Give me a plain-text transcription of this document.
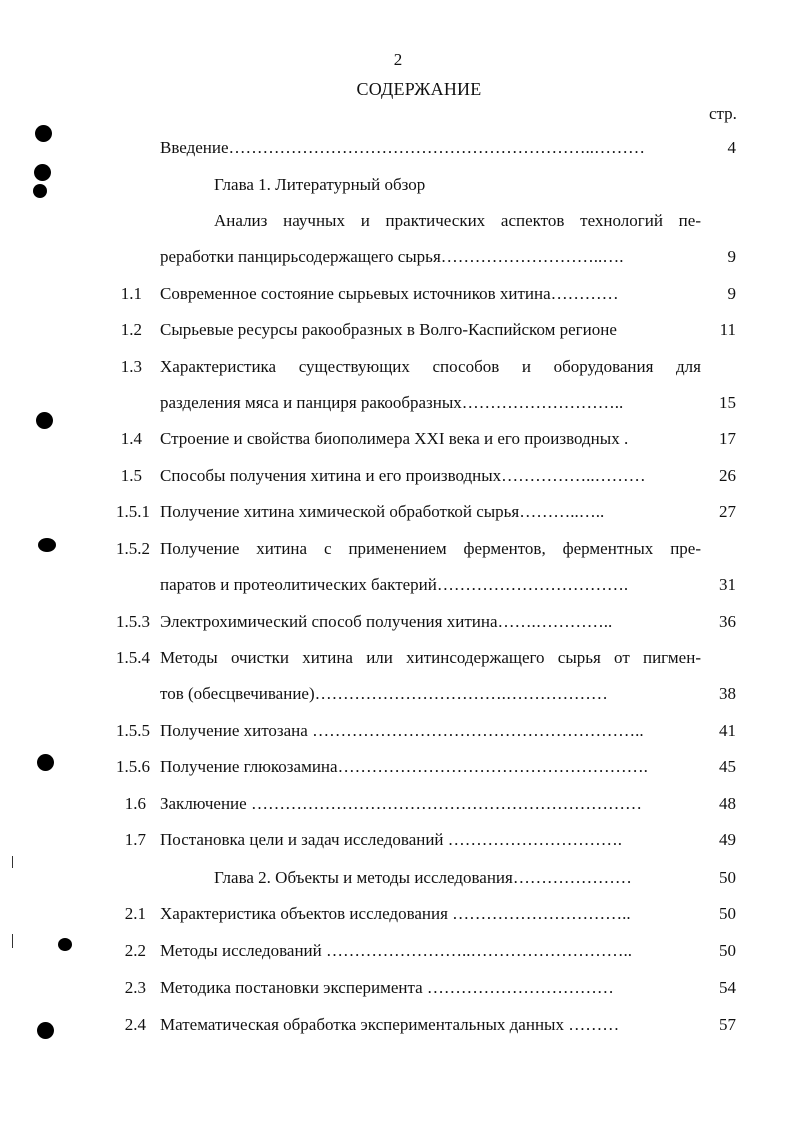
2
СОДЕРЖАНИЕ
стр.
Введение………………………………………………………..………	4
Глава 1. Литературный обзор
Анализ научных и практических аспектов технологий пе-
реработки панцирьсодержащего сырья………………………..….	9
1.1 Современное состояние сырьевых источников хитина…………	9
1.2 Сырьевые ресурсы ракообразных в Волго-Каспийском регионе	11
1.3 Характеристика существующих способов и оборудования для
разделения мяса и панциря ракообразных………………………..	15
1.4 Строение и свойства биополимера XXI века и его производных .	17
1.5 Способы получения хитина и его производных……………..………	26
1.5.1 Получение хитина химической обработкой сырья………..…..	27
1.5.2 Получение хитина с применением ферментов, ферментных пре-
паратов и протеолитических бактерий…………………………….	31
1.5.3 Электрохимический способ получения хитина…….…………..	36
1.5.4 Методы очистки хитина или хитинсодержащего сырья от пигмен-
тов (обесцвечивание)…………………………….………………	38
1.5.5 Получение хитозана …………………………………………………..	41
1.5.6 Получение глюкозамина……………………………………………….	45
1.6 Заключение ……………………………………………………………	48
1.7 Постановка цели и задач исследований ………………………….	49
Глава 2. Объекты и методы исследования…………………	50
2.1 Характеристика объектов исследования …………………………..	50
2.2 Методы исследований ……………………..………………………..	50
2.3 Методика постановки эксперимента ……………………………	54
2.4 Математическая обработка экспериментальных данных ………	57
